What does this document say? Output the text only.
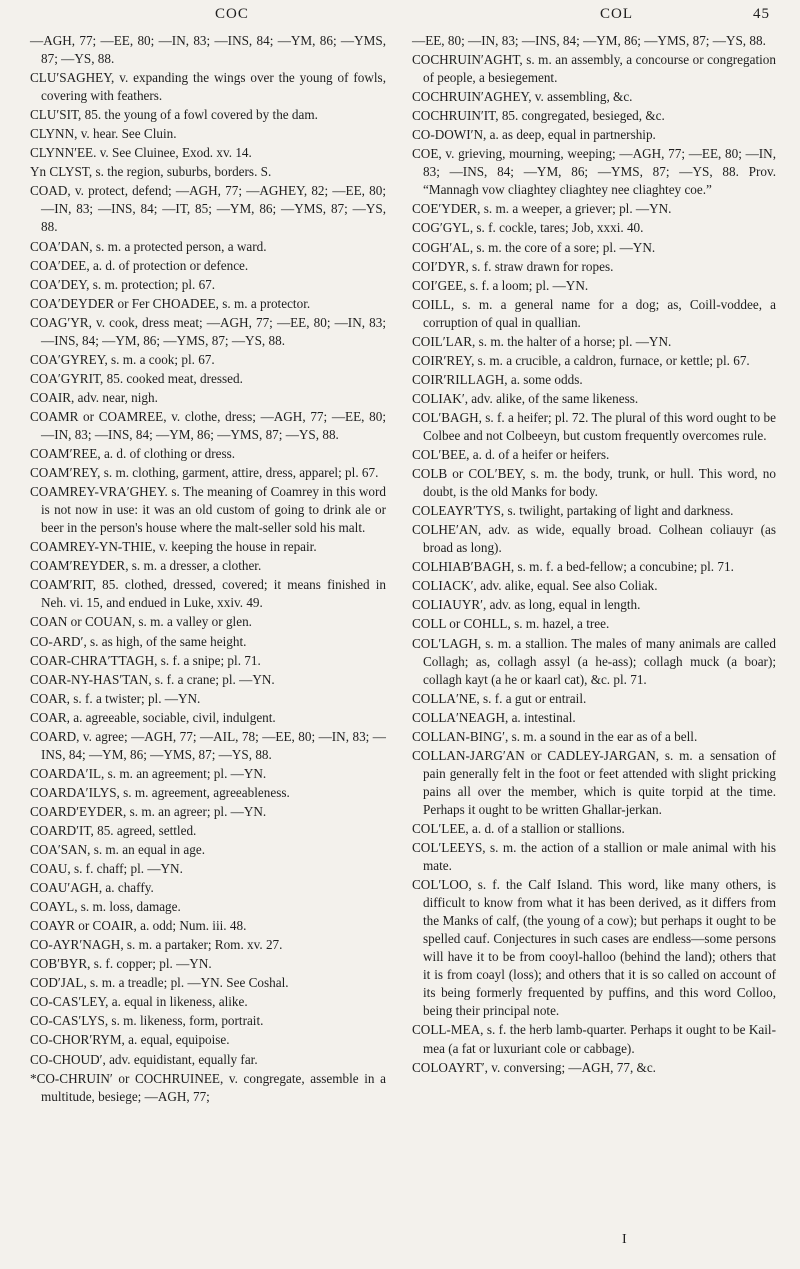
COC	COL	45

—AGH, 77; —EE, 80; —IN, 83; —INS, 84; —YM, 86; —YMS, 87; —YS, 88.

CLU′SAGHEY, v. expanding the wings over the young of fowls, covering with feathers.

CLU′SIT, 85. the young of a fowl covered by the dam.

CLYNN, v. hear. See Cluin.

CLYNN′EE. v. See Cluinee, Exod. xv. 14.

Yn CLYST, s. the region, suburbs, borders. S.

COAD, v. protect, defend; —AGH, 77; —AGHEY, 82; —EE, 80; —IN, 83; —INS, 84; —IT, 85; —YM, 86; —YMS, 87; —YS, 88.

COA′DAN, s. m. a protected person, a ward.

COA′DEE, a. d. of protection or defence.

COA′DEY, s. m. protection; pl. 67.

COA′DEYDER or Fer CHOADEE, s. m. a protector.

COAG′YR, v. cook, dress meat; —AGH, 77; —EE, 80; —IN, 83; —INS, 84; —YM, 86; —YMS, 87; —YS, 88.

COA′GYREY, s. m. a cook; pl. 67.

COA′GYRIT, 85. cooked meat, dressed.

COAIR, adv. near, nigh.

COAMR or COAMREE, v. clothe, dress; —AGH, 77; —EE, 80; —IN, 83; —INS, 84; —YM, 86; —YMS, 87; —YS, 88.

COAM′REE, a. d. of clothing or dress.

COAM′REY, s. m. clothing, garment, attire, dress, apparel; pl. 67.

COAMREY-VRA′GHEY. s. The meaning of Coamrey in this word is not now in use: it was an old custom of going to drink ale or beer in the person's house where the malt-seller sold his malt.

COAMREY-YN-THIE, v. keeping the house in repair.

COAM′REYDER, s. m. a dresser, a clother.

COAM′RIT, 85. clothed, dressed, covered; it means finished in Neh. vi. 15, and endued in Luke, xxiv. 49.

COAN or COUAN, s. m. a valley or glen.

CO-ARD′, s. as high, of the same height.

COAR-CHRA′TTAGH, s. f. a snipe; pl. 71.

COAR-NY-HAS′TAN, s. f. a crane; pl. —YN.

COAR, s. f. a twister; pl. —YN.

COAR, a. agreeable, sociable, civil, indulgent.

COARD, v. agree; —AGH, 77; —AIL, 78; —EE, 80; —IN, 83; —INS, 84; —YM, 86; —YMS, 87; —YS, 88.

COARDA′IL, s. m. an agreement; pl. —YN.

COARDA′ILYS, s. m. agreement, agreeableness.

COARD′EYDER, s. m. an agreer; pl. —YN.

COARD′IT, 85. agreed, settled.

COA′SAN, s. m. an equal in age.

COAU, s. f. chaff; pl. —YN.

COAU′AGH, a. chaffy.

COAYL, s. m. loss, damage.

COAYR or COAIR, a. odd; Num. iii. 48.

CO-AYR′NAGH, s. m. a partaker; Rom. xv. 27.

COB′BYR, s. f. copper; pl. —YN.

COD′JAL, s. m. a treadle; pl. —YN. See Coshal.

CO-CAS′LEY, a. equal in likeness, alike.

CO-CAS′LYS, s. m. likeness, form, portrait.

CO-CHOR′RYM, a. equal, equipoise.

CO-CHOUD′, adv. equidistant, equally far.

*CO-CHRUIN′ or COCHRUINEE, v. congregate, assemble in a multitude, besiege; —AGH, 77;

—EE, 80; —IN, 83; —INS, 84; —YM, 86; —YMS, 87; —YS, 88.

COCHRUIN′AGHT, s. m. an assembly, a concourse or congregation of people, a besiegement.

COCHRUIN′AGHEY, v. assembling, &c.

COCHRUIN′IT, 85. congregated, besieged, &c.

CO-DOWI′N, a. as deep, equal in partnership.

COE, v. grieving, mourning, weeping; —AGH, 77; —EE, 80; —IN, 83; —INS, 84; —YM, 86; —YMS, 87; —YS, 88. Prov. “Mannagh vow cliaghtey cliaghtey nee cliaghtey coe.”

COE′YDER, s. m. a weeper, a griever; pl. —YN.

COG′GYL, s. f. cockle, tares; Job, xxxi. 40.

COGH′AL, s. m. the core of a sore; pl. —YN.

COI′DYR, s. f. straw drawn for ropes.

COI′GEE, s. f. a loom; pl. —YN.

COILL, s. m. a general name for a dog; as, Coill-voddee, a corruption of qual in quallian.

COIL′LAR, s. m. the halter of a horse; pl. —YN.

COIR′REY, s. m. a crucible, a caldron, furnace, or kettle; pl. 67.

COIR′RILLAGH, a. some odds.

COLIAK′, adv. alike, of the same likeness.

COL′BAGH, s. f. a heifer; pl. 72. The plural of this word ought to be Colbee and not Colbeeyn, but custom frequently overcomes rule.

COL′BEE, a. d. of a heifer or heifers.

COLB or COL′BEY, s. m. the body, trunk, or hull. This word, no doubt, is the old Manks for body.

COLEAYR′TYS, s. twilight, partaking of light and darkness.

COLHE′AN, adv. as wide, equally broad. Colhean coliauyr (as broad as long).

COLHIAB′BAGH, s. m. f. a bed-fellow; a concubine; pl. 71.

COLIACK′, adv. alike, equal. See also Coliak.

COLIAUYR′, adv. as long, equal in length.

COLL or COHLL, s. m. hazel, a tree.

COL′LAGH, s. m. a stallion. The males of many animals are called Collagh; as, collagh assyl (a he-ass); collagh muck (a boar); collagh kayt (a he or kaarl cat), &c. pl. 71.

COLLA′NE, s. f. a gut or entrail.

COLLA′NEAGH, a. intestinal.

COLLAN-BING′, s. m. a sound in the ear as of a bell.

COLLAN-JARG′AN or CADLEY-JARGAN, s. m. a sensation of pain generally felt in the foot or feet attended with slight pricking pains all over the member, which is quite torpid at the time. Perhaps it ought to be written Ghallar-jerkan.

COL′LEE, a. d. of a stallion or stallions.

COL′LEEYS, s. m. the action of a stallion or male animal with his mate.

COL′LOO, s. f. the Calf Island. This word, like many others, is difficult to know from what it has been derived, as it differs from the Manks of calf, (the young of a cow); but perhaps it ought to be spelled cauf. Conjectures in such cases are endless—some persons will have it to be from cooyl-halloo (behind the land); others that it is from coayl (loss); and others that it is so called on account of its being formerly frequented by puffins, and this word Colloo, being their principal note.

COLL-MEA, s. f. the herb lamb-quarter. Perhaps it ought to be Kail-mea (a fat or luxuriant cole or cabbage).

COLOAYRT′, v. conversing; —AGH, 77, &c.

I
